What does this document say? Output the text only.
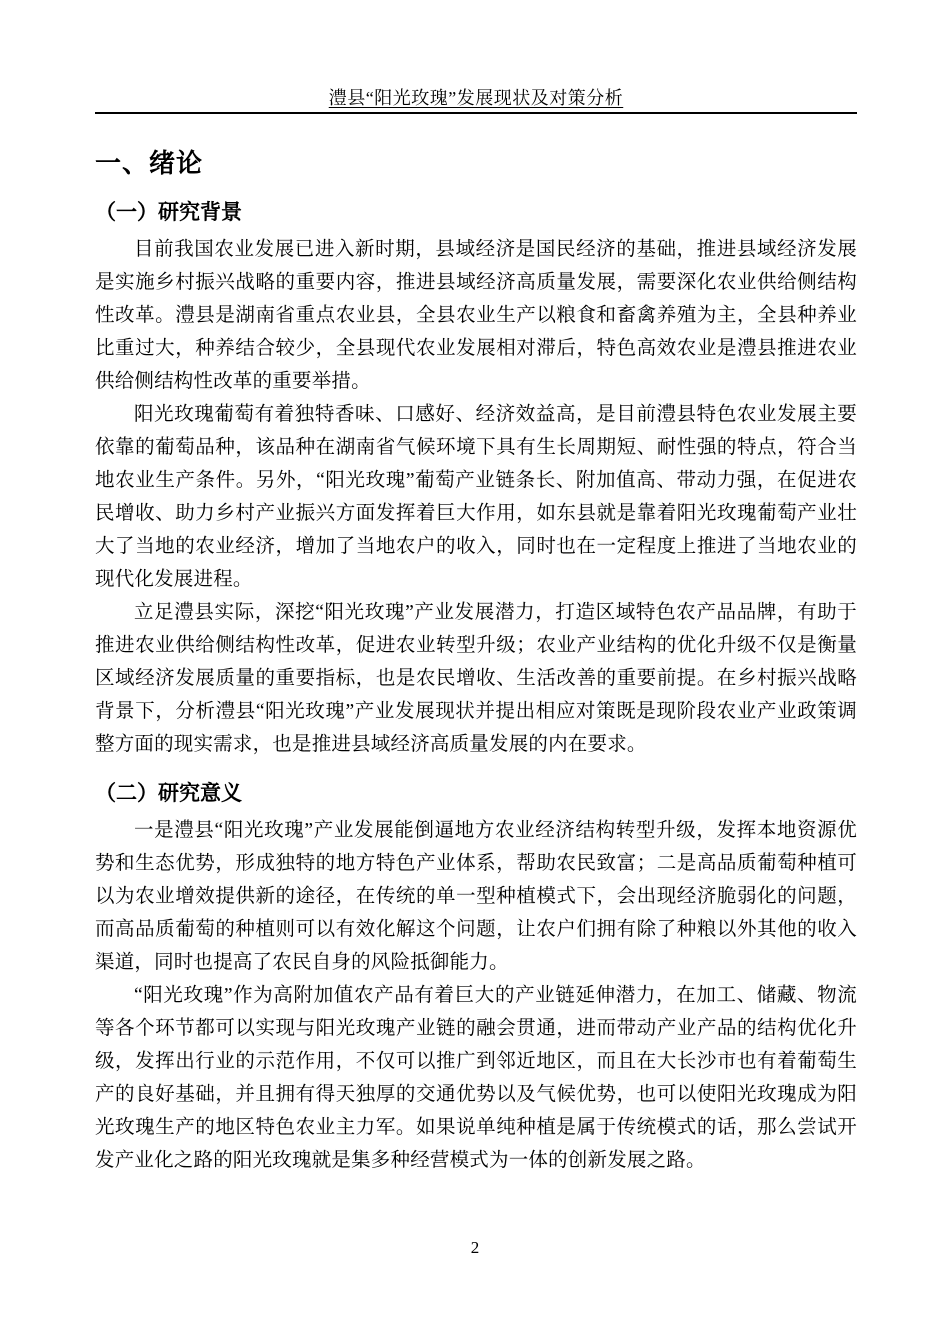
澧县“阳光玫瑰”发展现状及对策分析
一、绪论
（一）研究背景

目前我国农业发展已进入新时期，县域经济是国民经济的基础，推进县域经济发展是实施乡村振兴战略的重要内容，推进县域经济高质量发展，需要深化农业供给侧结构性改革。澧县是湖南省重点农业县，全县农业生产以粮食和畜禽养殖为主，全县种养业比重过大，种养结合较少，全县现代农业发展相对滞后，特色高效农业是澧县推进农业供给侧结构性改革的重要举措。

阳光玫瑰葡萄有着独特香味、口感好、经济效益高，是目前澧县特色农业发展主要依靠的葡萄品种，该品种在湖南省气候环境下具有生长周期短、耐性强的特点，符合当地农业生产条件。另外，“阳光玫瑰”葡萄产业链条长、附加值高、带动力强，在促进农民增收、助力乡村产业振兴方面发挥着巨大作用，如东县就是靠着阳光玫瑰葡萄产业壮大了当地的农业经济，增加了当地农户的收入，同时也在一定程度上推进了当地农业的现代化发展进程。

立足澧县实际，深挖“阳光玫瑰”产业发展潜力，打造区域特色农产品品牌，有助于推进农业供给侧结构性改革，促进农业转型升级；农业产业结构的优化升级不仅是衡量区域经济发展质量的重要指标，也是农民增收、生活改善的重要前提。在乡村振兴战略背景下，分析澧县“阳光玫瑰”产业发展现状并提出相应对策既是现阶段农业产业政策调整方面的现实需求，也是推进县域经济高质量发展的内在要求。

（二）研究意义

一是澧县“阳光玫瑰”产业发展能倒逼地方农业经济结构转型升级，发挥本地资源优势和生态优势，形成独特的地方特色产业体系，帮助农民致富；二是高品质葡萄种植可以为农业增效提供新的途径，在传统的单一型种植模式下，会出现经济脆弱化的问题，而高品质葡萄的种植则可以有效化解这个问题，让农户们拥有除了种粮以外其他的收入渠道，同时也提高了农民自身的风险抵御能力。

“阳光玫瑰”作为高附加值农产品有着巨大的产业链延伸潜力，在加工、储藏、物流等各个环节都可以实现与阳光玫瑰产业链的融会贯通，进而带动产业产品的结构优化升级，发挥出行业的示范作用，不仅可以推广到邻近地区，而且在大长沙市也有着葡萄生产的良好基础，并且拥有得天独厚的交通优势以及气候优势，也可以使阳光玫瑰成为阳光玫瑰生产的地区特色农业主力军。如果说单纯种植是属于传统模式的话，那么尝试开发产业化之路的阳光玫瑰就是集多种经营模式为一体的创新发展之路。

2
